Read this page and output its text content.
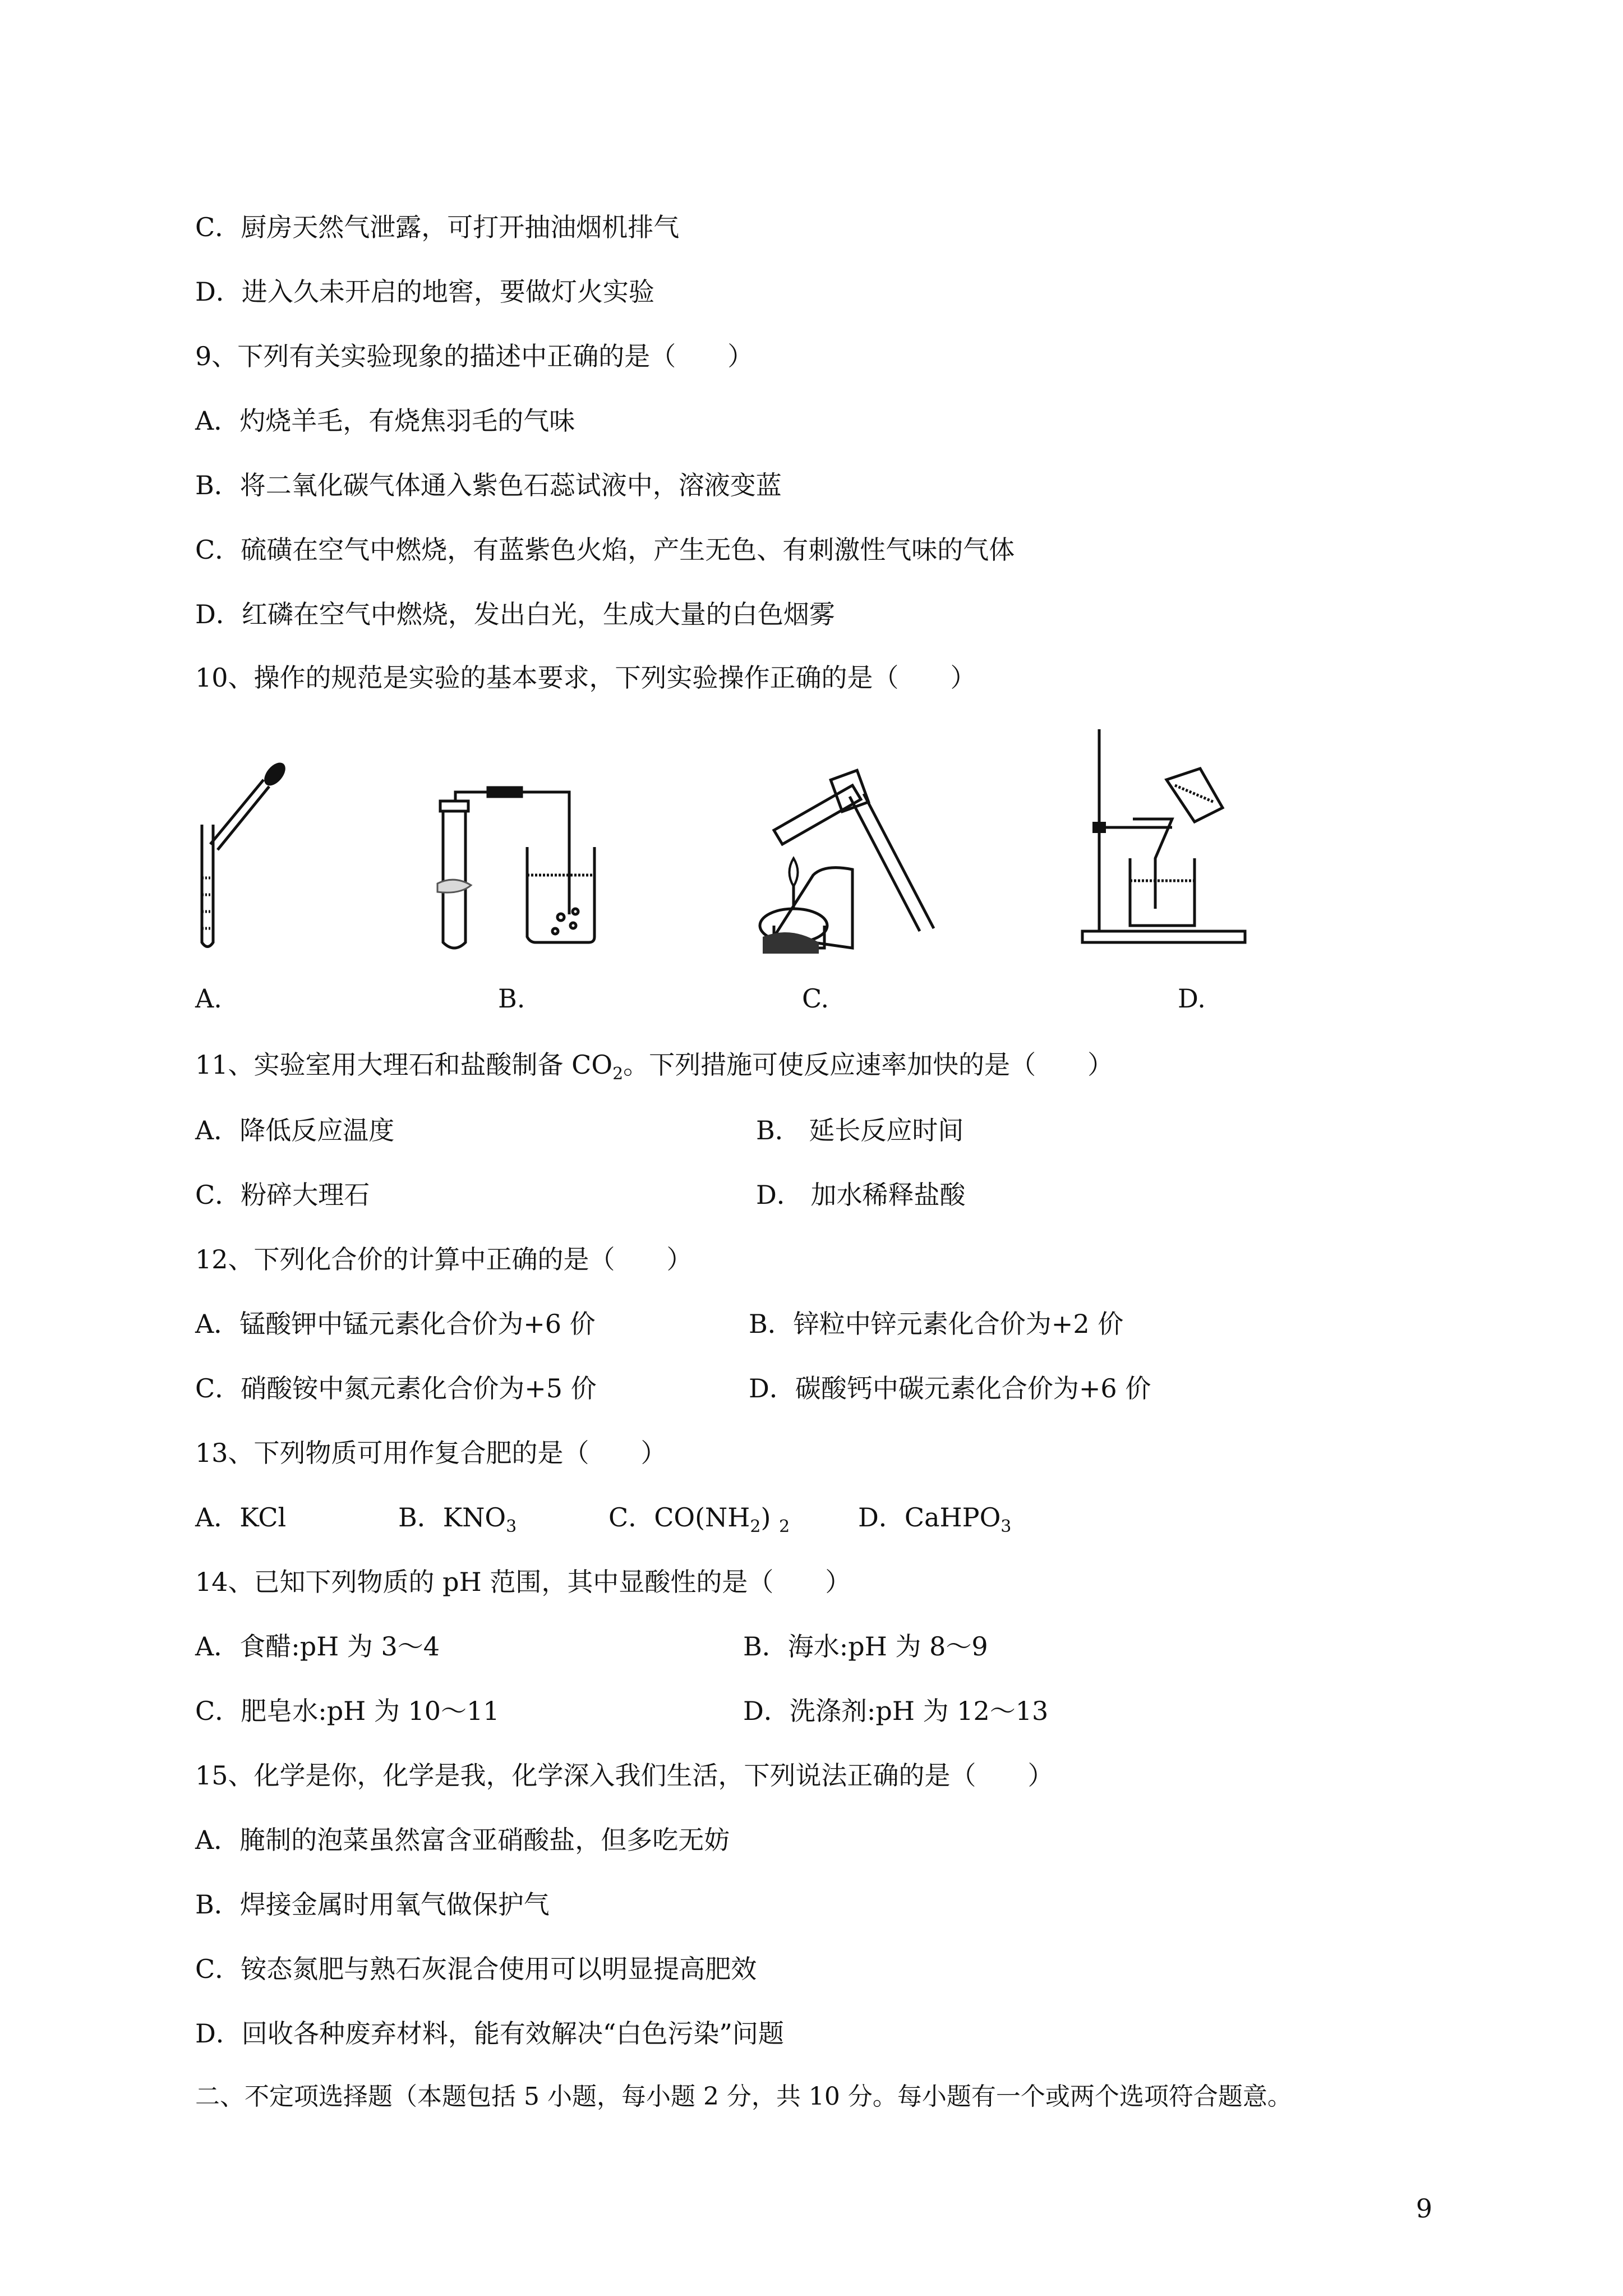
C．厨房天然气泄露，可打开抽油烟机排气
D．进入久未开启的地窖，要做灯火实验
9、下列有关实验现象的描述中正确的是（　　）
A．灼烧羊毛，有烧焦羽毛的气味
B．将二氧化碳气体通入紫色石蕊试液中，溶液变蓝
C．硫磺在空气中燃烧，有蓝紫色火焰，产生无色、有刺激性气味的气体
D．红磷在空气中燃烧，发出白光，生成大量的白色烟雾
10、操作的规范是实验的基本要求，下列实验操作正确的是（　　）
A.	B.	C.	D.
11、实验室用大理石和盐酸制备 $CO_2$。下列措施可使反应速率加快的是（　　）
A．降低反应温度	B． 延长反应时间
C．粉碎大理石	D． 加水稀释盐酸
12、下列化合价的计算中正确的是（　　）
A．锰酸钾中锰元素化合价为+6 价	B．锌粒中锌元素化合价为+2 价
C．硝酸铵中氮元素化合价为+5 价	D．碳酸钙中碳元素化合价为+6 价
13、下列物质可用作复合肥的是（　　）
A．KCl	B．$KNO_3$	C．$CO(NH_2)$ $_2$	D．CaHPO$_3$
14、已知下列物质的 pH 范围，其中显酸性的是（　　）
A．食醋:pH 为 3～4	B．海水:pH 为 8～9
C．肥皂水:pH 为 10～11	D．洗涤剂:pH 为 12～13
15、化学是你，化学是我，化学深入我们生活，下列说法正确的是（　　）
A．腌制的泡菜虽然富含亚硝酸盐，但多吃无妨
B．焊接金属时用氧气做保护气
C．铵态氮肥与熟石灰混合使用可以明显提高肥效
D．回收各种废弃材料，能有效解决“白色污染”问题
二、不定项选择题（本题包括 5 小题，每小题 2 分，共 10 分。每小题有一个或两个选项符合题意。
9
